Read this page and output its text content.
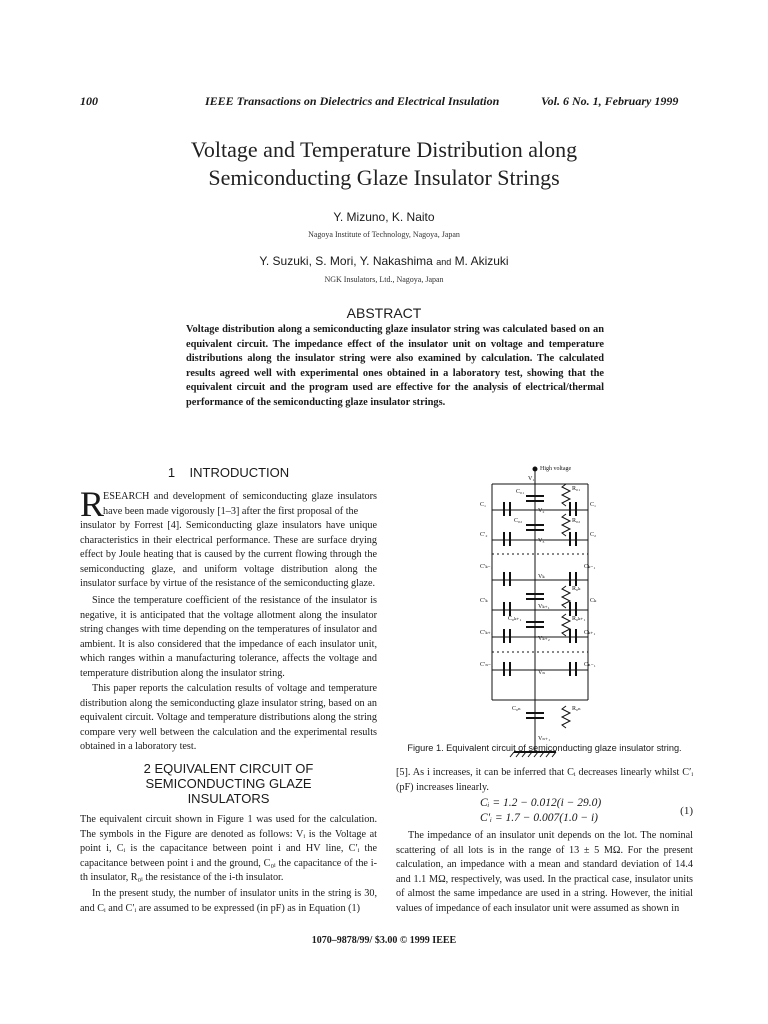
100	IEEE Transactions on Dielectrics and Electrical Insulation	Vol. 6 No. 1, February 1999
Voltage and Temperature Distribution along
Semiconducting Glaze Insulator Strings
Y. Mizuno, K. Naito
Nagoya Institute of Technology, Nagoya, Japan
Y. Suzuki, S. Mori, Y. Nakashima and M. Akizuki
NGK Insulators, Ltd., Nagoya, Japan
ABSTRACT
Voltage distribution along a semiconducting glaze insulator string was calculated based on an equivalent circuit. The impedance effect of the insulator unit on voltage and temperature distributions along the insulator string were also examined by calculation. The calculated results agreed well with experimental ones obtained in a laboratory test, showing that the equivalent circuit and the program used are effective for the analysis of electrical/thermal performance of the semiconducting glaze insulator strings.
1 INTRODUCTION
R
ESEARCH and development of semiconducting glaze insulators have been made vigorously [1–3] after the first proposal of the
insulator by Forrest [4]. Semiconducting glaze insulators have unique characteristics in their electrical performance. These are surface drying effect by Joule heating that is caused by the current flowing through the semiconducting glaze, and uniform voltage distribution along the insulator surface by virtue of the resistance of the semiconducting glaze.
Since the temperature coefficient of the resistance of the insulator is negative, it is anticipated that the voltage allotment along the insulator string changes with time depending on the temperatures of insulator and ambient. It is also considered that the impedance of each insulator unit, which ranges within a manufacturing tolerance, affects the voltage and temperature distribution along the insulator string.
This paper reports the calculation results of voltage and temperature distribution along the semiconducting glaze insulator string, based on an equivalent circuit. Voltage and temperature distributions along the string compare very well between the calculation and the experimental results obtained in a laboratory test.
2 EQUIVALENT CIRCUIT OF
SEMICONDUCTING GLAZE
INSULATORS
The equivalent circuit shown in Figure 1 was used for the calculation. The symbols in the Figure are denoted as follows: Vᵢ is the Voltage at point i, Cᵢ is the capacitance between point i and HV line, C′ᵢ the capacitance between point i and the ground, C₀ᵢ the capacitance of the i-th insulator, R₀ᵢ the resistance of the i-th insulator.
In the present study, the number of insulator units in the string is 30, and Cᵢ and C′ᵢ are assumed to be expressed (in pF) as in Equation (1)
High voltage
C₀₁
C₁
C₀₂
C′₂
C′ₖ₋₁
C′ₖ
C₀ₖ₊₁
C′ₖ₊₁
C′ₙ₋₁
C₀ₙ
R₀₁
C₁
R₀₂
C₂
Cₖ₋₁
R₀ₖ
Cₖ
R₀ₖ₊₁
Cₖ₊₁
Cₙ₋₁
R₀ₙ
V₁
V₂
V₃
Vₖ
Vₖ₊₁
Vₖ₊₂
Vₙ
Vₙ₊₁
Figure 1. Equivalent circuit of semiconducting glaze insulator string.
[5]. As i increases, it can be inferred that Cᵢ decreases linearly whilst C′ᵢ (pF) increases linearly.
Cᵢ = 1.2 − 0.012(i − 29.0)
C′ᵢ = 1.7 − 0.007(1.0 − i)
(1)
The impedance of an insulator unit depends on the lot. The nominal scattering of all lots is in the range of 13 ± 5 MΩ. For the present calculation, an impedance with a mean and standard deviation of 14.4 and 1.1 MΩ, respectively, was used. In the practical case, insulator units of almost the same impedance are used in a string. However, the initial values of impedance of each insulator unit were assumed as shown in
1070–9878/99/ $3.00 © 1999 IEEE
